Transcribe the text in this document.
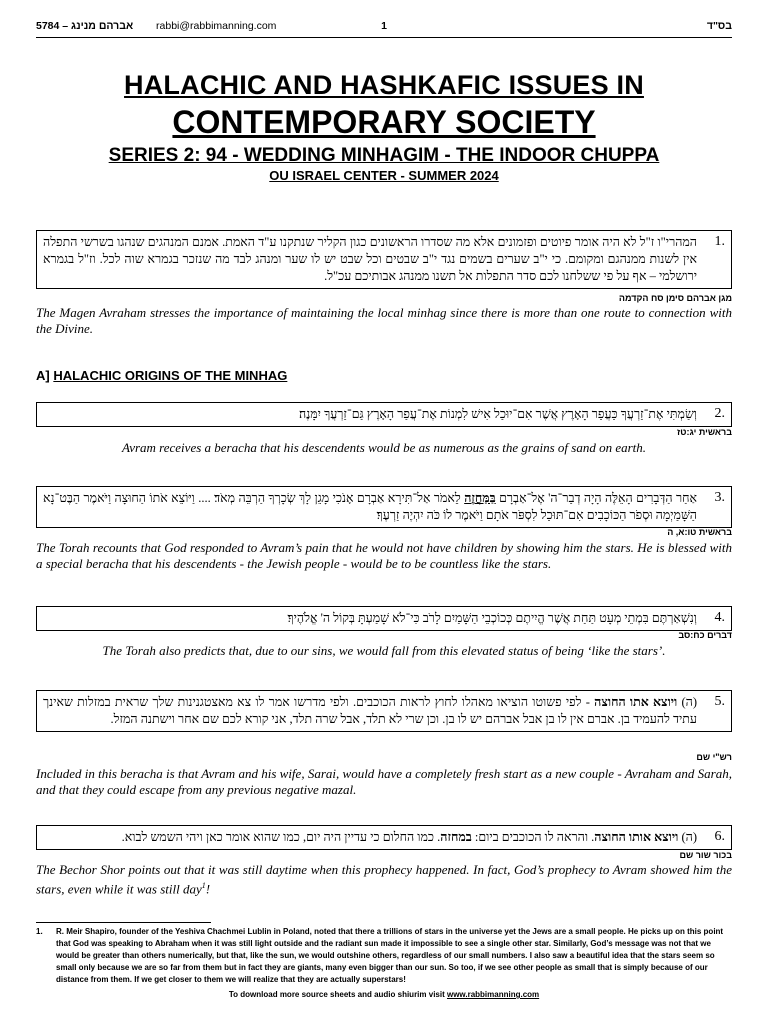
5784 – אברהם מנינג rabbi@rabbimanning.com	1	בס"ד
HALACHIC AND HASHKAFIC ISSUES IN
CONTEMPORARY SOCIETY
SERIES 2: 94 - WEDDING MINHAGIM - THE INDOOR CHUPPA
OU ISRAEL CENTER - SUMMER 2024
1.
המהרי"ו ז"ל לא היה אומר פיוטים ופזמונים אלא מה שסדרו הראשונים כגון הקליר שנתקנו ע"ד האמת. אמנם המנהגים שנהגו בשרשי התפלה אין לשנות ממנהגם ומקומם. כי י"ב שערים בשמים נגד י"ב שבטים וכל שבט יש לו שער ומנהג לבד מה שנזכר בגמרא שוה לכל. וז"ל בגמרא ירושלמי – אף על פי ששלחנו לכם סדר התפלות אל תשנו ממנהג אבותיכם עכ"ל.
מגן אברהם סימן סח הקדמה
The Magen Avraham stresses the importance of maintaining the local minhag since there is more than one route to connection with the Divine.
A] HALACHIC ORIGINS OF THE MINHAG
2.
וְשַׂמְתִּי אֶת־זַרְעֲךָ כַּעֲפַר הָאָרֶץ אֲשֶׁר אִם־יוּכַל אִישׁ לִמְנוֹת אֶת־עֲפַר הָאָרֶץ גַּם־זַרְעֲךָ יִמָּנֶה׃
בראשית יג:טז
Avram receives a beracha that his descendents would be as numerous as the grains of sand on earth.
3.
אַחַר הַדְּבָרִים הָאֵלֶּה הָיָה דְבַר־ה' אֶל־אַבְרָם בַּמַּחֲזֶה לֵאמֹר אַל־תִּירָא אַבְרָם אָנֹכִי מָגֵן לָךְ שְׂכָרְךָ הַרְבֵּה מְאֹד׃ .... וַיּוֹצֵא אֹתוֹ הַחוּצָה וַיֹּאמֶר הַבֶּט־נָא הַשָּׁמַיְמָה וּסְפֹר הַכּוֹכָבִים אִם־תּוּכַל לִסְפֹּר אֹתָם וַיֹּאמֶר לוֹ כֹּה יִהְיֶה זַרְעֶךָ׃
בראשית טו:א, ה
The Torah recounts that God responded to Avram’s pain that he would not have children by showing him the stars. He is blessed with a special beracha that his descendents - the Jewish people - would be to be countless like the stars.
4.
וְנִשְׁאַרְתֶּם בִּמְתֵי מְעָט תַּחַת אֲשֶׁר הֱיִיתֶם כְּכוֹכְבֵי הַשָּׁמַיִם לָרֹב כִּי־לֹא שָׁמַעְתָּ בְּקוֹל ה' אֱלֹהֶיךָ׃
דברים כח:סב
The Torah also predicts that, due to our sins, we would fall from this elevated status of being ‘like the stars’.
5.
(ה) ויוצא אתו החוצה - לפי פשוטו הוציאו מאהלו לחוץ לראות הכוכבים. ולפי מדרשו אמר לו צא מאצטגנינות שלך שראית במזלות שאינך עתיד להעמיד בן. אברם אין לו בן אבל אברהם יש לו בן. וכן שרי לא תלד, אבל שרה תלד, אני קורא לכם שם אחר וישתנה המזל.
רש"י שם
Included in this beracha is that Avram and his wife, Sarai, would have a completely fresh start as a new couple - Avraham and Sarah, and that they could escape from any previous negative mazal.
6.
(ה) ויוצא אותו החוצה. והראה לו הכוכבים ביום: במחזה. כמו החלום כי עדיין היה יום, כמו שהוא אומר כאן ויהי השמש לבוא.
בכור שור שם
The Bechor Shor points out that it was still daytime when this prophecy happened. In fact, God’s prophecy to Avram showed him the stars, even while it was still day$^1$!
1. R. Meir Shapiro, founder of the Yeshiva Chachmei Lublin in Poland, noted that there a trillions of stars in the universe yet the Jews are a small people. He picks up on this point that God was speaking to Abraham when it was still light outside and the radiant sun made it impossible to see a single other star. Similarly, God’s message was not that we would be greater than others numerically, but that, like the sun, we would outshine others, regardless of our small numbers. I also saw a beautiful idea that the stars seem so small only because we are so far from them but in fact they are giants, many even bigger than our sun. So too, if we see other people as small that is simply because of our distance from them. If we get closer to them we will realize that they are actually superstars!
To download more source sheets and audio shiurim visit www.rabbimanning.com
